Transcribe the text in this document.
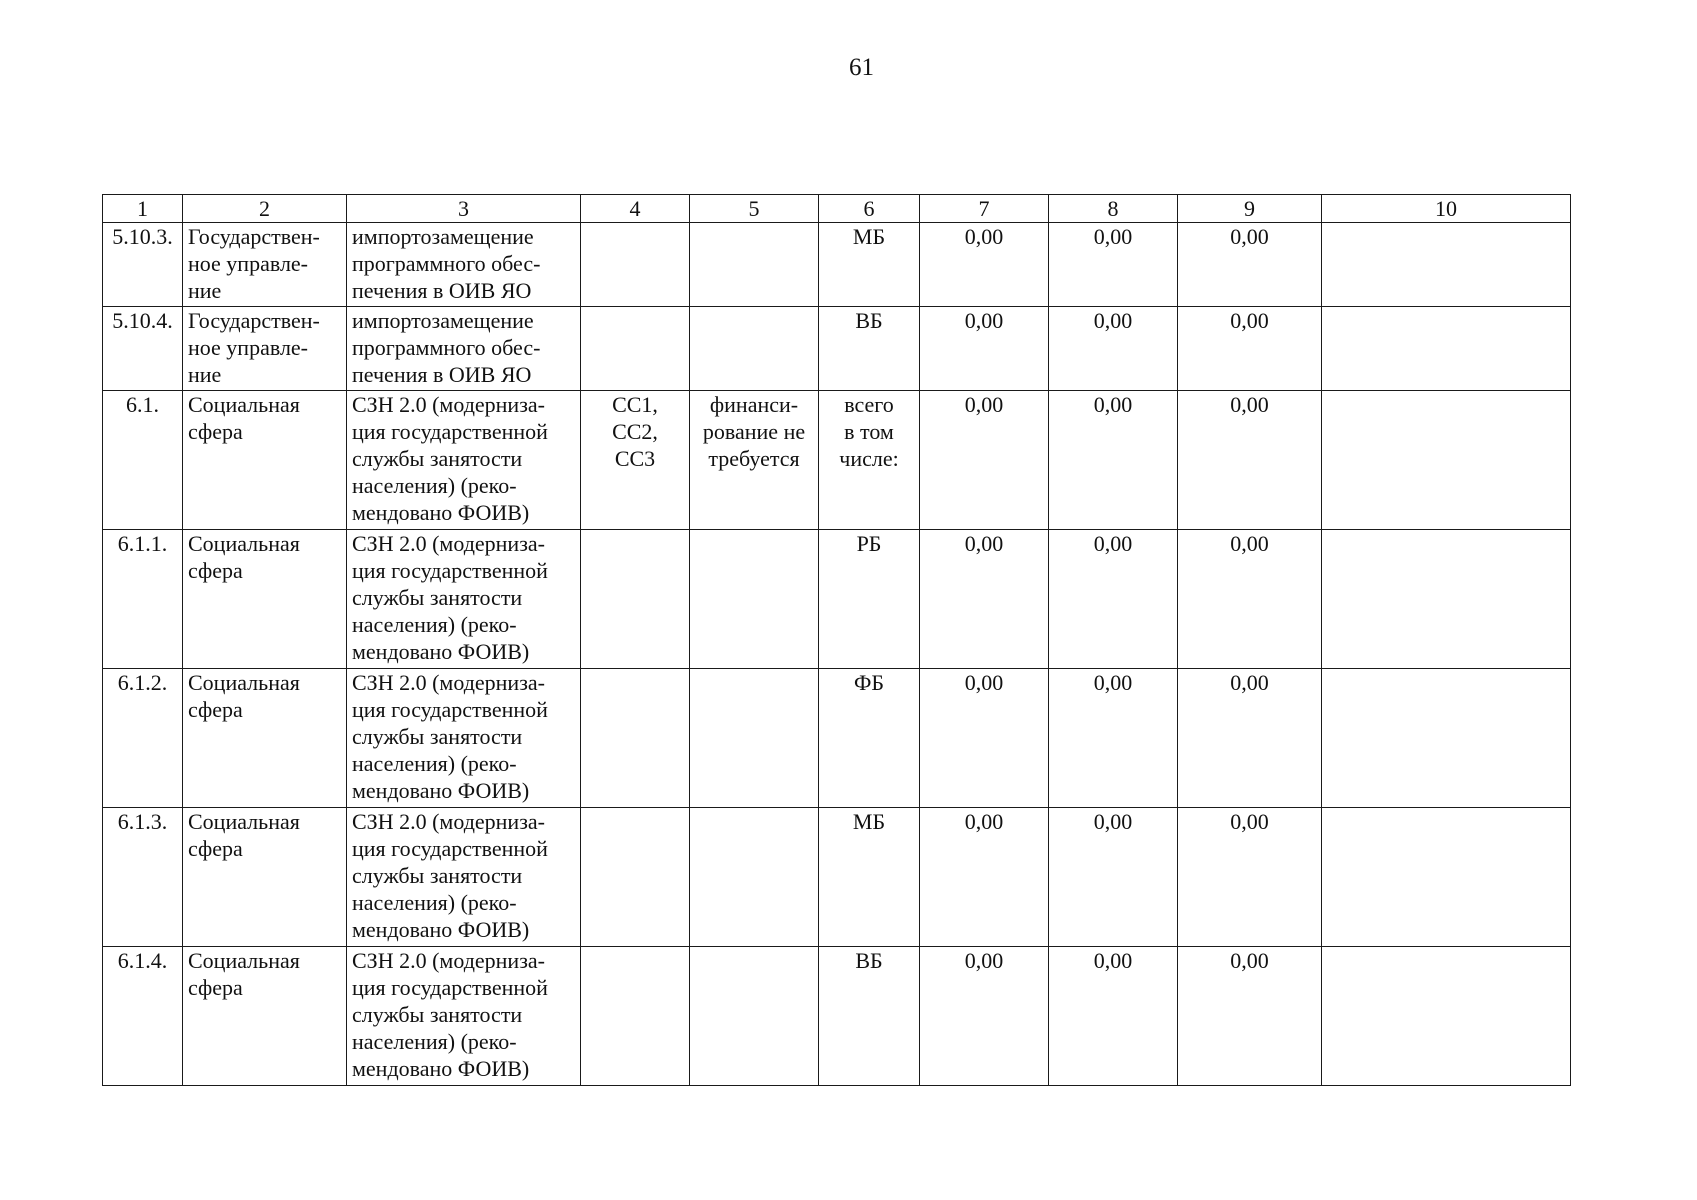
61
1	2	3	4	5	6	7	8	9	10
5.10.3.	Государствен-
ное управле-
ние	импортозамещение
программного обес-
печения в ОИВ ЯО			МБ	0,00	0,00	0,00	
5.10.4.	Государствен-
ное управле-
ние	импортозамещение
программного обес-
печения в ОИВ ЯО			ВБ	0,00	0,00	0,00	
6.1.	Социальная
сфера	СЗН 2.0 (модерниза-
ция государственной
службы занятости
населения) (реко-
мендовано ФОИВ)	СС1,
СС2,
СС3	финанси-
рование не
требуется	всего
в том
числе:	0,00	0,00	0,00	
6.1.1.	Социальная
сфера	СЗН 2.0 (модерниза-
ция государственной
службы занятости
населения) (реко-
мендовано ФОИВ)			РБ	0,00	0,00	0,00	
6.1.2.	Социальная
сфера	СЗН 2.0 (модерниза-
ция государственной
службы занятости
населения) (реко-
мендовано ФОИВ)			ФБ	0,00	0,00	0,00	
6.1.3.	Социальная
сфера	СЗН 2.0 (модерниза-
ция государственной
службы занятости
населения) (реко-
мендовано ФОИВ)			МБ	0,00	0,00	0,00	
6.1.4.	Социальная
сфера	СЗН 2.0 (модерниза-
ция государственной
службы занятости
населения) (реко-
мендовано ФОИВ)			ВБ	0,00	0,00	0,00	
